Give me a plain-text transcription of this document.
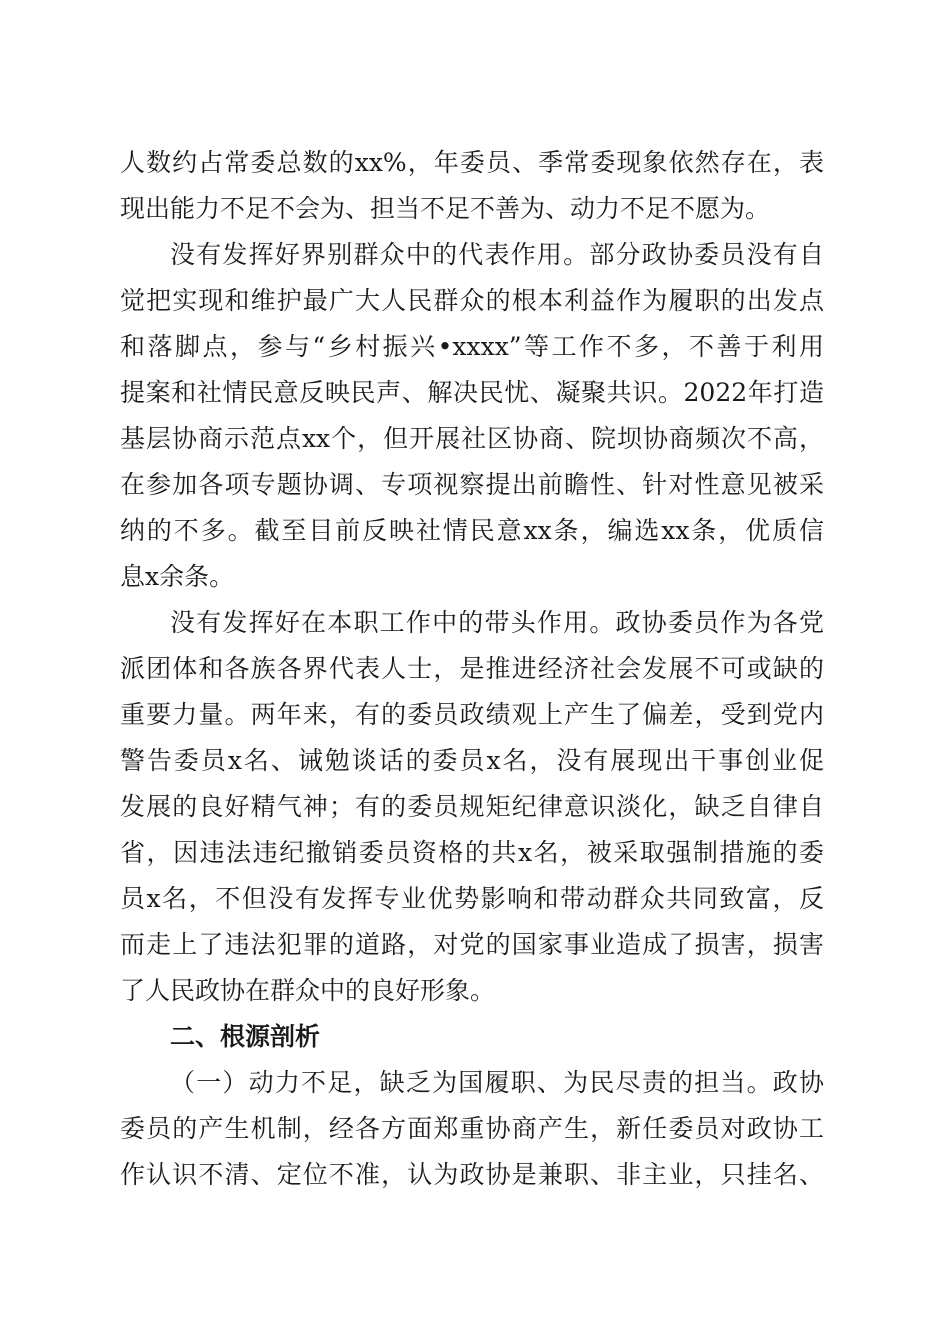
人数约占常委总数的xx%，年委员、季常委现象依然存在，表
现出能力不足不会为、担当不足不善为、动力不足不愿为。
没有发挥好界别群众中的代表作用。部分政协委员没有自
觉把实现和维护最广大人民群众的根本利益作为履职的出发点
和落脚点，参与“乡村振兴•xxxx”等工作不多，不善于利用
提案和社情民意反映民声、解决民忧、凝聚共识。2022年打造
基层协商示范点xx个，但开展社区协商、院坝协商频次不高，
在参加各项专题协调、专项视察提出前瞻性、针对性意见被采
纳的不多。截至目前反映社情民意xx条，编选xx条，优质信
息x余条。
没有发挥好在本职工作中的带头作用。政协委员作为各党
派团体和各族各界代表人士，是推进经济社会发展不可或缺的
重要力量。两年来，有的委员政绩观上产生了偏差，受到党内
警告委员x名、诫勉谈话的委员x名，没有展现出干事创业促
发展的良好精气神；有的委员规矩纪律意识淡化，缺乏自律自
省，因违法违纪撤销委员资格的共x名，被采取强制措施的委
员x名，不但没有发挥专业优势影响和带动群众共同致富，反
而走上了违法犯罪的道路，对党的国家事业造成了损害，损害
了人民政协在群众中的良好形象。
二、根源剖析
（一）动力不足，缺乏为国履职、为民尽责的担当。政协
委员的产生机制，经各方面郑重协商产生，新任委员对政协工
作认识不清、定位不准，认为政协是兼职、非主业，只挂名、
